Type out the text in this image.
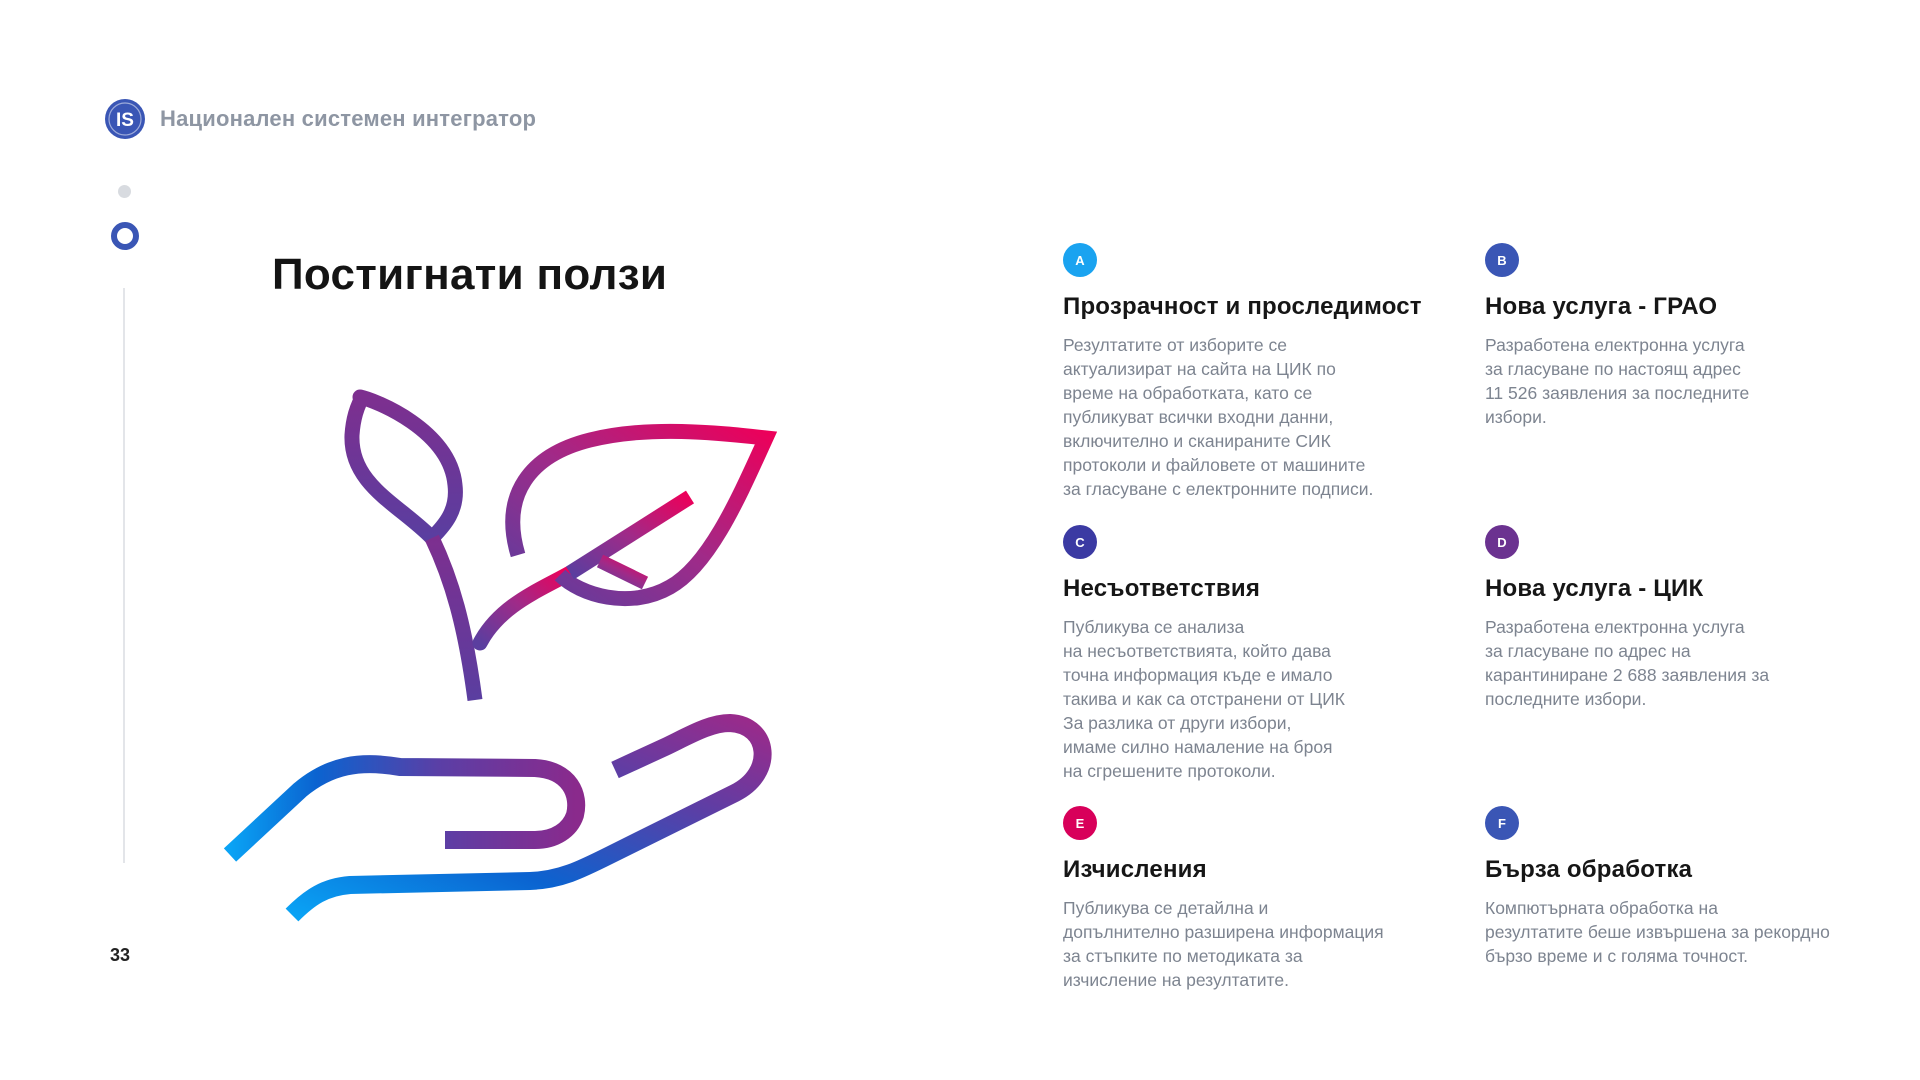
IS Национален системен интегратор
33
Постигнати ползи	A
Прозрачност и проследимост

Резултатите от изборите се
актуализират на сайта на ЦИК по
време на обработката, като се
публикуват всички входни данни,
включително и сканираните СИК
протоколи и файловете от машините
за гласуване с електронните подписи.

B
Нова услуга - ГРАО

Разработена електронна услуга
за гласуване по настоящ адрес
11 526 заявления за последните
избори.

C
Несъответствия

Публикува се анализа
на несъответствията, който дава
точна информация къде е имало
такива и как са отстранени от ЦИК
За разлика от други избори,
имаме силно намаление на броя
на сгрешените протоколи.

D
Нова услуга - ЦИК

Разработена електронна услуга
за гласуване по адрес на
карантиниране 2 688 заявления за
последните избори.

E
Изчисления

Публикува се детайлна и
допълнително разширена информация
за стъпките по методиката за
изчисление на резултатите.

F
Бърза обработка

Компютърната обработка на
резултатите беше извършена за рекордно
бързо време и с голяма точност.
